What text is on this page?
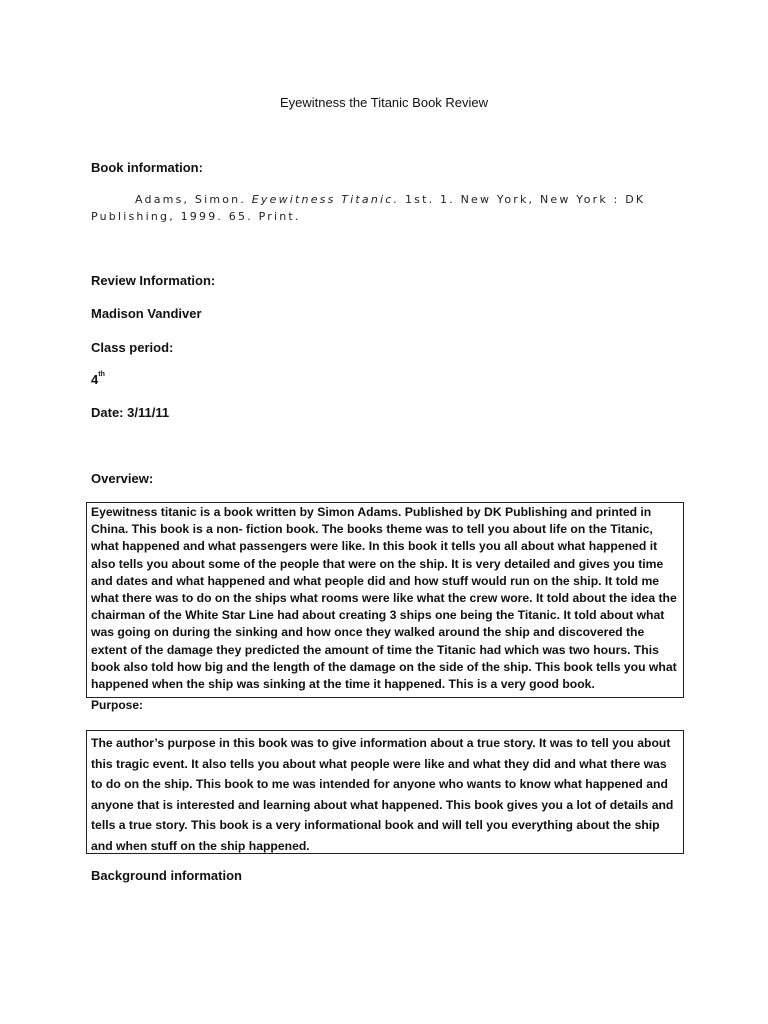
Eyewitness the Titanic Book Review
Book information:
Adams, Simon. Eyewitness Titanic. 1st. 1. New York, New York : DK Publishing, 1999. 65. Print.
Review Information:
Madison Vandiver
Class period:
4th
Date: 3/11/11
Overview:
Eyewitness titanic is a book written by Simon Adams. Published by DK Publishing and printed in China. This book is a non- fiction book. The books theme was to tell you about life on the Titanic, what happened and what passengers were like. In this book it tells you all about what happened it also tells you about some of the people that were on the ship. It is very detailed and gives you time and dates and what happened and what people did and how stuff would run on the ship. It told me what there was to do on the ships what rooms were like what the crew wore. It told about the idea the chairman of the White Star Line had about creating 3 ships one being the Titanic. It told about what was going on during the sinking and how once they walked around the ship and discovered the extent of the damage they predicted the amount of time the Titanic had which was two hours. This book also told how big and the length of the damage on the side of the ship. This book tells you what happened when the ship was sinking at the time it happened. This is a very good book.
Purpose:
The author’s purpose in this book was to give information about a true story. It was to tell you about this tragic event. It also tells you about what people were like and what they did and what there was to do on the ship. This book to me was intended for anyone who wants to know what happened and anyone that is interested and learning about what happened. This book gives you a lot of details and tells a true story. This book is a very informational book and will tell you everything about the ship and when stuff on the ship happened.
Background information
